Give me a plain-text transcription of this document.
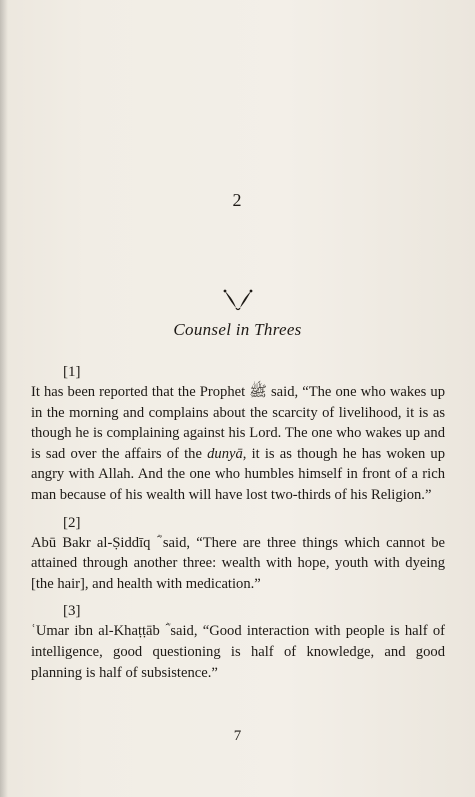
2
Counsel in Threes
[1]

It has been reported that the Prophet ﷺ said, “The one who wakes up in the morning and complains about the scarcity of livelihood, it is as though he is complaining against his Lord. The one who wakes up and is sad over the affairs of the dunyā, it is as though he has woken up angry with Allah. And the one who humbles himself in front of a rich man because of his wealth will have lost two-thirds of his Religion.”

[2]

Abū Bakr al-Ṣiddīq ؓ said, “There are three things which cannot be attained through another three: wealth with hope, youth with dyeing [the hair], and health with medication.”

[3]

ʿUmar ibn al-Khaṭṭāb ؓ said, “Good interaction with people is half of intelligence, good questioning is half of knowledge, and good planning is half of subsistence.”

7
